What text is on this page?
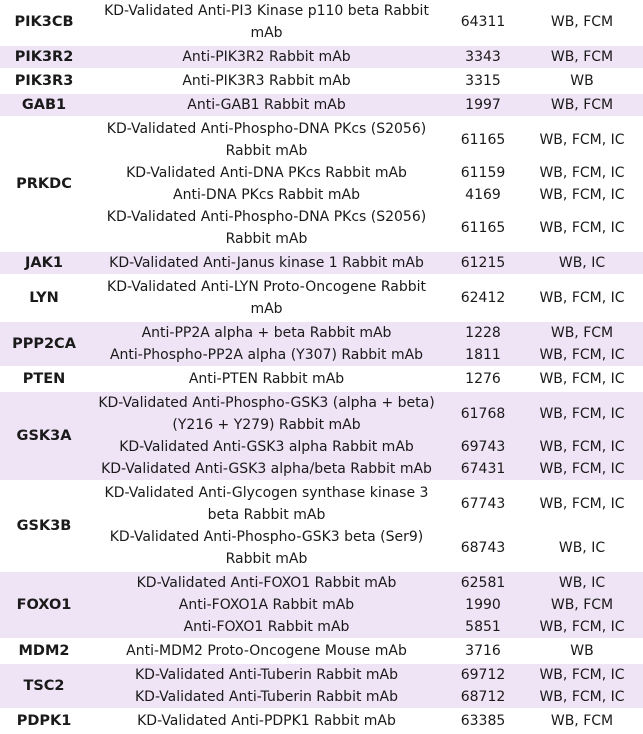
PIK3CB	KD-Validated Anti-PI3 Kinase p110 beta Rabbit mAb	64311	WB, FCM
PIK3R2	Anti-PIK3R2 Rabbit mAb	3343	WB, FCM
PIK3R3	Anti-PIK3R3 Rabbit mAb	3315	WB
GAB1	Anti-GAB1 Rabbit mAb	1997	WB, FCM
PRKDC	KD-Validated Anti-Phospho-DNA PKcs (S2056) Rabbit mAb	61165	WB, FCM, IC
	KD-Validated Anti-DNA PKcs Rabbit mAb	61159	WB, FCM, IC
	Anti-DNA PKcs Rabbit mAb	4169	WB, FCM, IC
	KD-Validated Anti-Phospho-DNA PKcs (S2056) Rabbit mAb	61165	WB, FCM, IC
JAK1	KD-Validated Anti-Janus kinase 1 Rabbit mAb	61215	WB, IC
LYN	KD-Validated Anti-LYN Proto-Oncogene Rabbit mAb	62412	WB, FCM, IC
PPP2CA	Anti-PP2A alpha + beta Rabbit mAb	1228	WB, FCM
	Anti-Phospho-PP2A alpha (Y307) Rabbit mAb	1811	WB, FCM, IC
PTEN	Anti-PTEN Rabbit mAb	1276	WB, FCM, IC
GSK3A	KD-Validated Anti-Phospho-GSK3 (alpha + beta)(Y216 + Y279) Rabbit mAb	61768	WB, FCM, IC
	KD-Validated Anti-GSK3 alpha Rabbit mAb	69743	WB, FCM, IC
	KD-Validated Anti-GSK3 alpha/beta Rabbit mAb	67431	WB, FCM, IC
GSK3B	KD-Validated Anti-Glycogen synthase kinase 3 beta Rabbit mAb	67743	WB, FCM, IC
	KD-Validated Anti-Phospho-GSK3 beta (Ser9) Rabbit mAb	68743	WB, IC
FOXO1	KD-Validated Anti-FOXO1 Rabbit mAb	62581	WB, IC
	Anti-FOXO1A Rabbit mAb	1990	WB, FCM
	Anti-FOXO1 Rabbit mAb	5851	WB, FCM, IC
MDM2	Anti-MDM2 Proto-Oncogene Mouse mAb	3716	WB
TSC2	KD-Validated Anti-Tuberin Rabbit mAb	69712	WB, FCM, IC
	KD-Validated Anti-Tuberin Rabbit mAb	68712	WB, FCM, IC
PDPK1	KD-Validated Anti-PDPK1 Rabbit mAb	63385	WB, FCM
